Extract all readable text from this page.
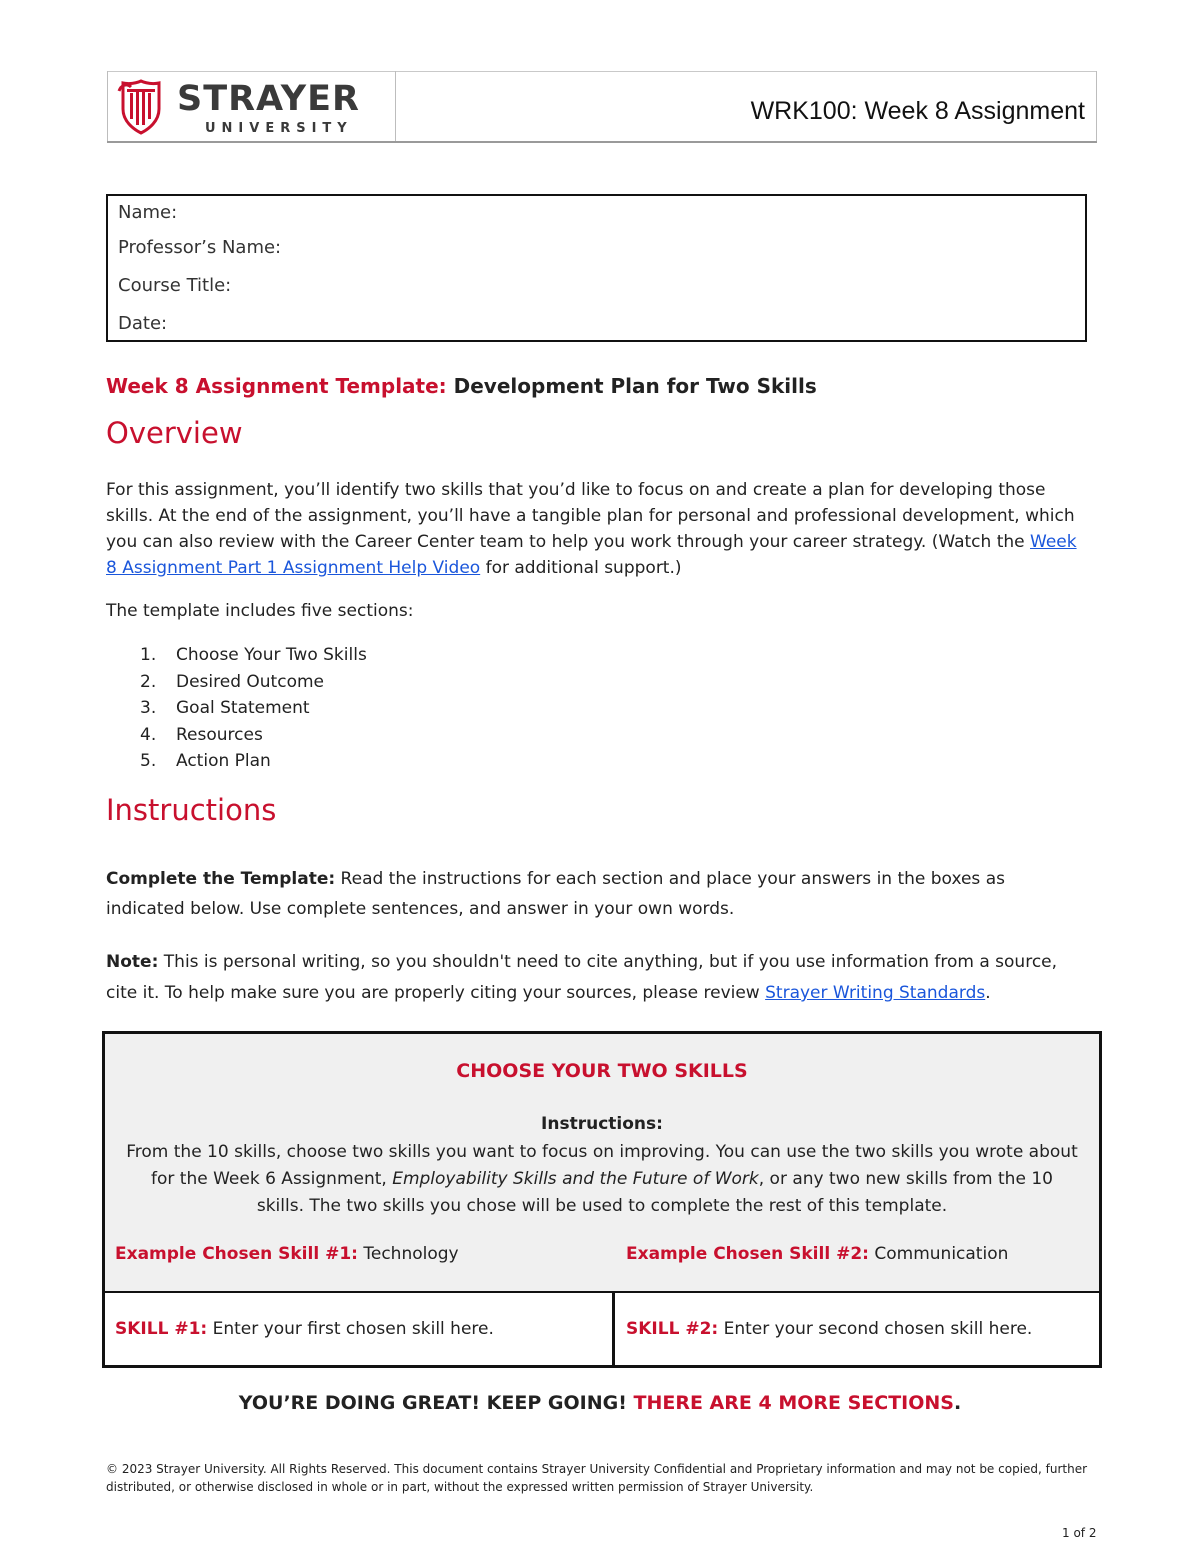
STRAYER
UNIVERSITY
WRK100: Week 8 Assignment
Name:
Professor’s Name:
Course Title:
Date:
Week 8 Assignment Template: Development Plan for Two Skills
Overview
For this assignment, you’ll identify two skills that you’d like to focus on and create a plan for developing those skills. At the end of the assignment, you’ll have a tangible plan for personal and professional development, which you can also review with the Career Center team to help you work through your career strategy. (Watch the Week 8 Assignment Part 1 Assignment Help Video for additional support.)
The template includes five sections:
1. Choose Your Two Skills
2. Desired Outcome
3. Goal Statement
4. Resources
5. Action Plan
Instructions
Complete the Template: Read the instructions for each section and place your answers in the boxes as indicated below. Use complete sentences, and answer in your own words.
Note: This is personal writing, so you shouldn't need to cite anything, but if you use information from a source, cite it. To help make sure you are properly citing your sources, please review Strayer Writing Standards.
CHOOSE YOUR TWO SKILLS
Instructions:
From the 10 skills, choose two skills you want to focus on improving. You can use the two skills you wrote about for the Week 6 Assignment, Employability Skills and the Future of Work, or any two new skills from the 10 skills. The two skills you chose will be used to complete the rest of this template.
Example Chosen Skill #1: Technology	Example Chosen Skill #2: Communication
SKILL #1: Enter your first chosen skill here.	SKILL #2: Enter your second chosen skill here.
YOU’RE DOING GREAT! KEEP GOING! THERE ARE 4 MORE SECTIONS.
© 2023 Strayer University. All Rights Reserved. This document contains Strayer University Confidential and Proprietary information and may not be copied, further distributed, or otherwise disclosed in whole or in part, without the expressed written permission of Strayer University.
1 of 2
